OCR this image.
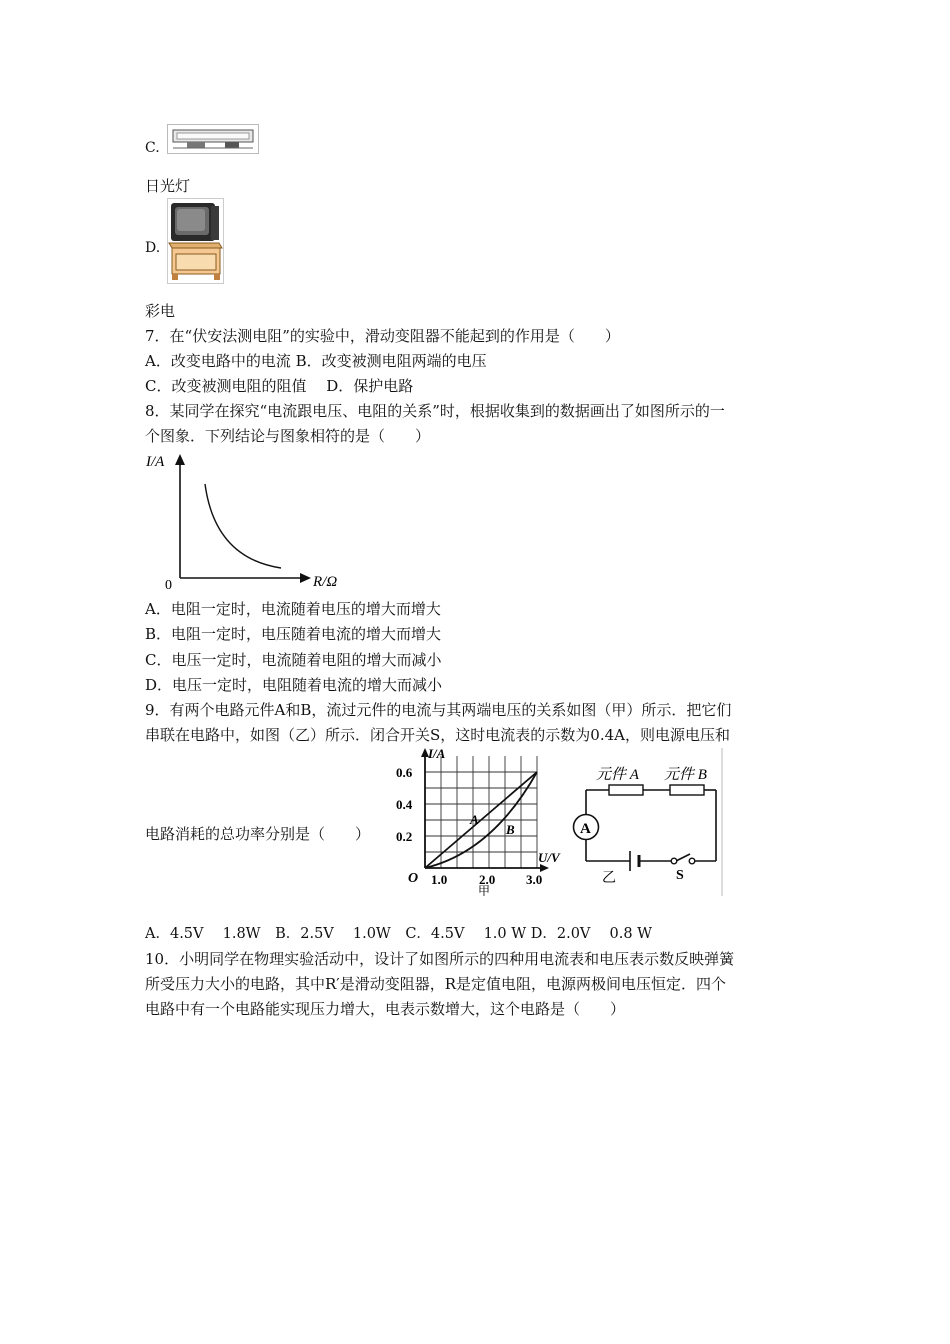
C.
日光灯
D.
彩电
7．在“伏安法测电阻”的实验中，滑动变阻器不能起到的作用是（　　）
A．改变电路中的电流 B．改变被测电阻两端的电压
C．改变被测电阻的阻值　 D．保护电路
8．某同学在探究“电流跟电压、电阻的关系”时，根据收集到的数据画出了如图所示的一
个图象．下列结论与图象相符的是（　　）
I/A
R/Ω
0
A．电阻一定时，电流随着电压的增大而增大
B．电阻一定时，电压随着电流的增大而增大
C．电压一定时，电流随着电阻的增大而减小
D．电压一定时，电阻随着电流的增大而减小
9．有两个电路元件A和B，流过元件的电流与其两端电压的关系如图（甲）所示．把它们
串联在电路中，如图（乙）所示．闭合开关S，这时电流表的示数为0.4A，则电源电压和
电路消耗的总功率分别是（　　）
I/A
0.6
0.4
0.2
O 1.0 2.0 3.0
U/V
A
B
甲
A
元件 A 元件 B
S
乙
A．4.5V　 1.8W　B．2.5V　 1.0W　C．4.5V　 1.0 W D．2.0V　 0.8 W
10．小明同学在物理实验活动中，设计了如图所示的四种用电流表和电压表示数反映弹簧
所受压力大小的电路，其中R′是滑动变阻器，R是定值电阻，电源两极间电压恒定．四个
电路中有一个电路能实现压力增大，电表示数增大，这个电路是（　　）
